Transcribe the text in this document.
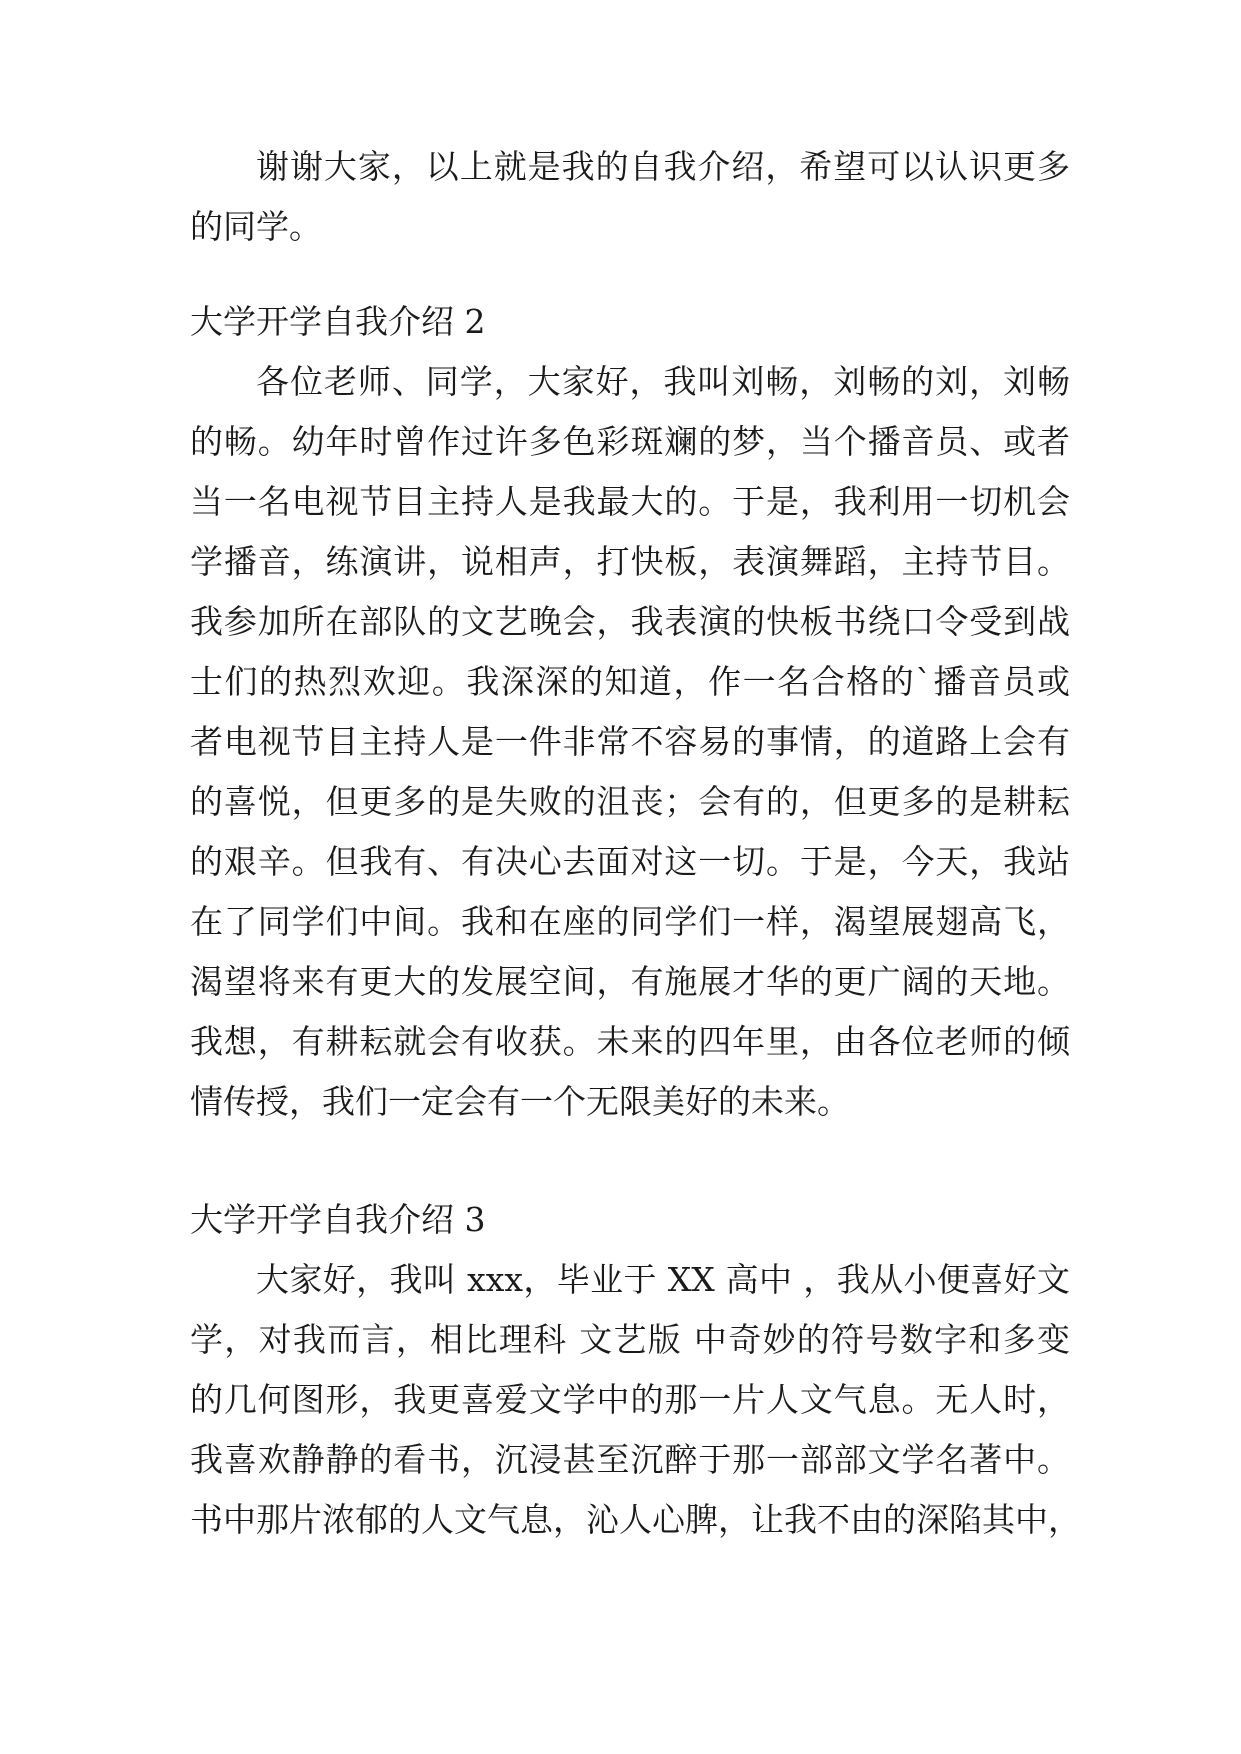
谢谢大家，以上就是我的自我介绍，希望可以认识更多
的同学。
大学开学自我介绍 2
各位老师、同学，大家好，我叫刘畅，刘畅的刘，刘畅
的畅。幼年时曾作过许多色彩斑斓的梦，当个播音员、或者
当一名电视节目主持人是我最大的。于是，我利用一切机会
学播音，练演讲，说相声，打快板，表演舞蹈，主持节目。
我参加所在部队的文艺晚会，我表演的快板书绕口令受到战
士们的热烈欢迎。我深深的知道，作一名合格的`播音员或
者电视节目主持人是一件非常不容易的事情，的道路上会有
的喜悦，但更多的是失败的沮丧；会有的，但更多的是耕耘
的艰辛。但我有、有决心去面对这一切。于是，今天，我站
在了同学们中间。我和在座的同学们一样，渴望展翅高飞，
渴望将来有更大的发展空间，有施展才华的更广阔的天地。
我想，有耕耘就会有收获。未来的四年里，由各位老师的倾
情传授，我们一定会有一个无限美好的未来。
大学开学自我介绍 3
大家好，我叫 xxx，毕业于 XX 高中 ，我从小便喜好文
学，对我而言，相比理科 文艺版 中奇妙的符号数字和多变
的几何图形，我更喜爱文学中的那一片人文气息。无人时，
我喜欢静静的看书，沉浸甚至沉醉于那一部部文学名著中。
书中那片浓郁的人文气息，沁人心脾，让我不由的深陷其中，
